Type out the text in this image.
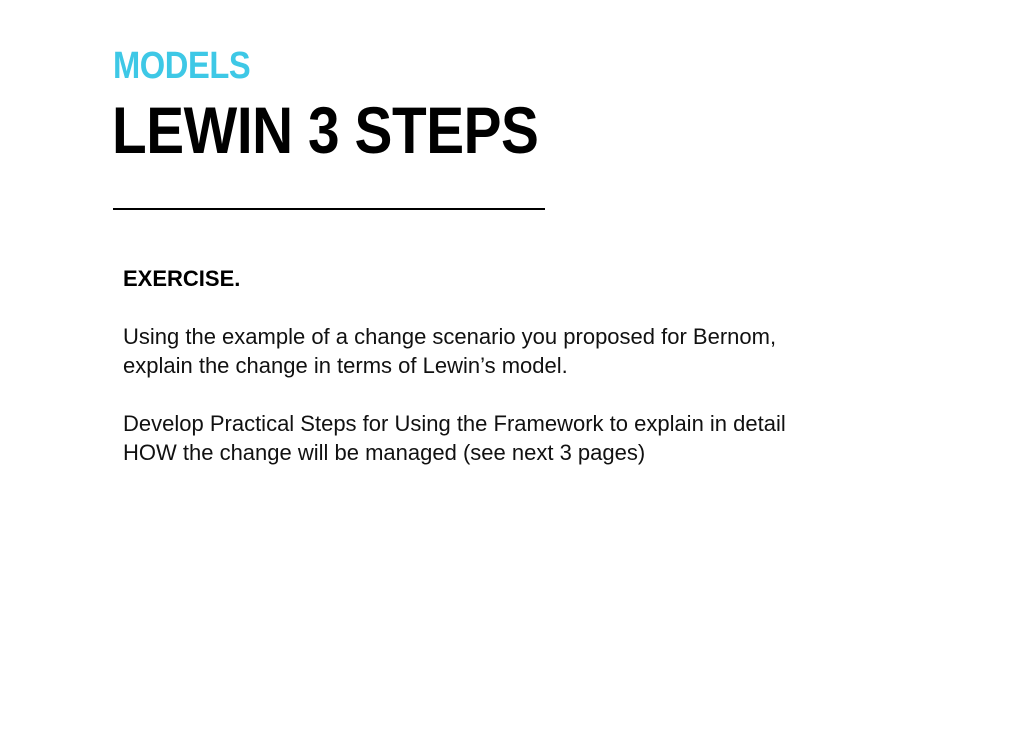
MODELS
LEWIN 3 STEPS
EXERCISE.
Using the example of a change scenario you proposed for Bernom,
explain the change in terms of Lewin’s model.
Develop Practical Steps for Using the Framework to explain in detail
HOW the change will be managed (see next 3 pages)
